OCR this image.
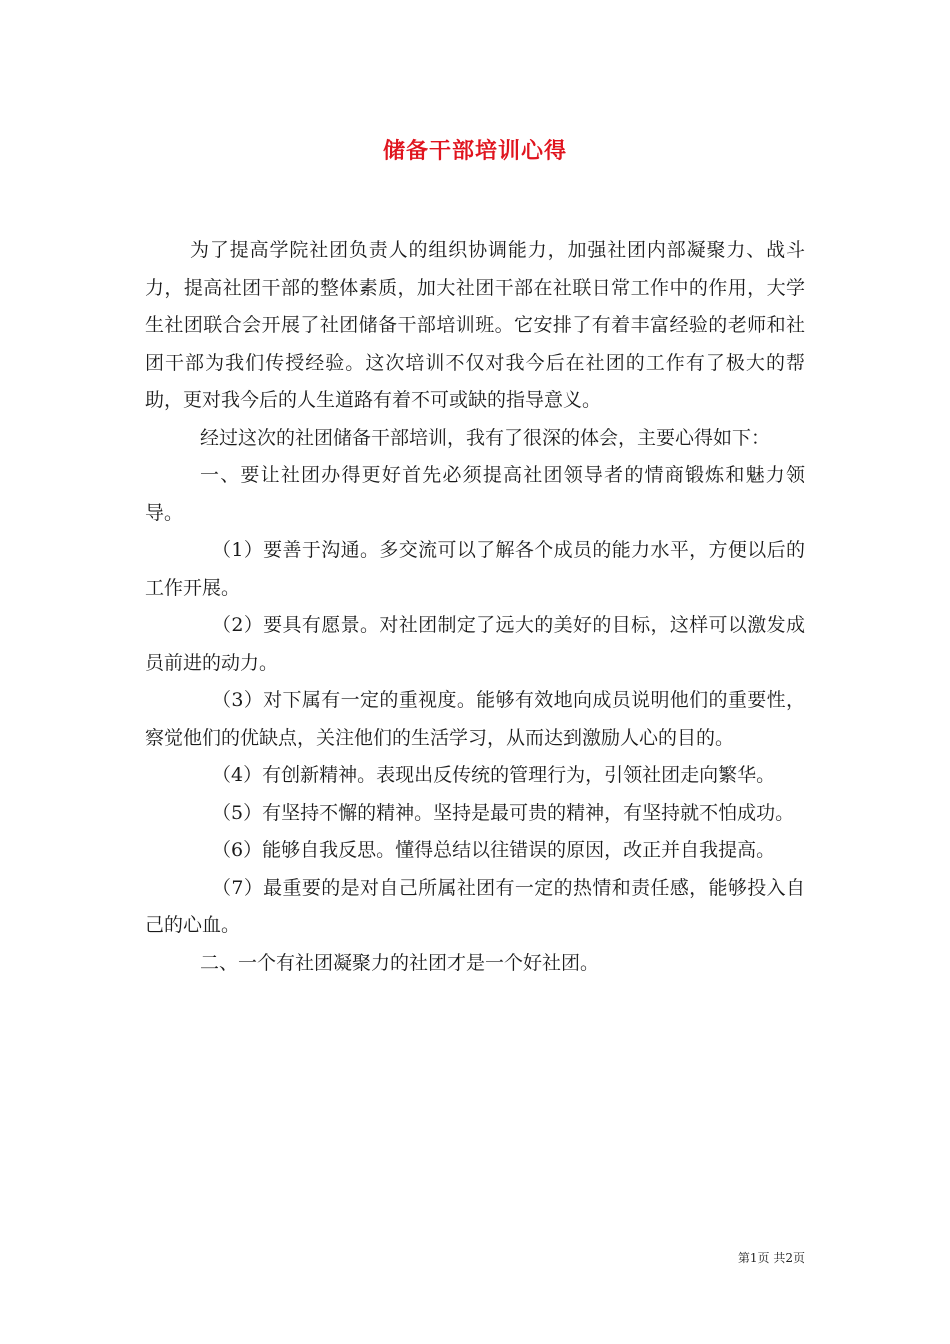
储备干部培训心得

为了提高学院社团负责人的组织协调能力，加强社团内部凝聚力、战斗力，提高社团干部的整体素质，加大社团干部在社联日常工作中的作用，大学生社团联合会开展了社团储备干部培训班。它安排了有着丰富经验的老师和社团干部为我们传授经验。这次培训不仅对我今后在社团的工作有了极大的帮助，更对我今后的人生道路有着不可或缺的指导意义。

经过这次的社团储备干部培训，我有了很深的体会，主要心得如下：

一、要让社团办得更好首先必须提高社团领导者的情商锻炼和魅力领导。

（1）要善于沟通。多交流可以了解各个成员的能力水平，方便以后的工作开展。

（2）要具有愿景。对社团制定了远大的美好的目标，这样可以激发成员前进的动力。

（3）对下属有一定的重视度。能够有效地向成员说明他们的重要性，察觉他们的优缺点，关注他们的生活学习，从而达到激励人心的目的。

（4）有创新精神。表现出反传统的管理行为，引领社团走向繁华。

（5）有坚持不懈的精神。坚持是最可贵的精神，有坚持就不怕成功。

（6）能够自我反思。懂得总结以往错误的原因，改正并自我提高。

（7）最重要的是对自己所属社团有一定的热情和责任感，能够投入自己的心血。

二、一个有社团凝聚力的社团才是一个好社团。

第1页 共2页
